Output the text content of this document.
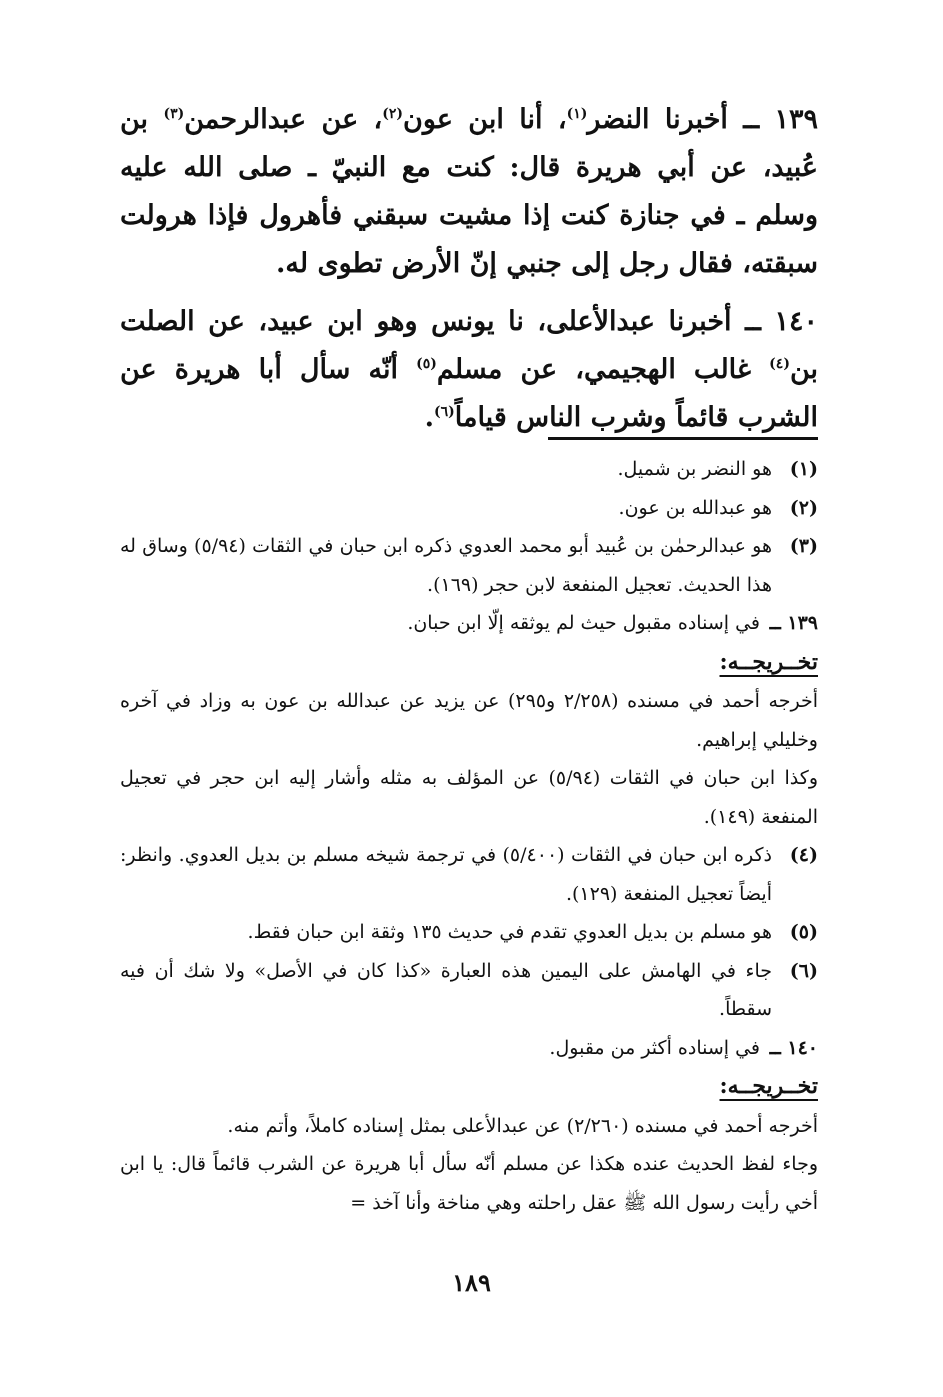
١٣٩ ــ أخبرنا النضر$^{(١)}$، أنا ابن عون$^{(٢)}$، عن عبدالرحمن$^{(٣)}$ بن عُبيد، عن أبي هريرة قال: كنت مع النبيّ ـ صلى الله عليه وسلم ـ في جنازة كنت إذا مشيت سبقني فأهرول فإذا هرولت سبقته، فقال رجل إلى جنبي إنّ الأرض تطوى له.

١٤٠ ــ أخبرنا عبدالأعلى، نا يونس وهو ابن عبيد، عن الصلت بن$^{(٤)}$ غالب الهجيمي، عن مسلم$^{(٥)}$ أنّه سأل أبا هريرة عن الشرب قائماً وشرب الناس قياماً$^{(٦)}$.

(١)
هو النضر بن شميل.
(٢)
هو عبدالله بن عون.
(٣)
هو عبدالرحمٰن بن عُبيد أبو محمد العدوي ذكره ابن حبان في الثقات (٥/٩٤) وساق له هذا الحديث. تعجيل المنفعة لابن حجر (١٦٩).
١٣٩ ــ
في إسناده مقبول حيث لم يوثقه إلّا ابن حبان.
تخــريجــه:
أخرجه أحمد في مسنده (٢/٢٥٨ و٢٩٥) عن يزيد عن عبدالله بن عون به وزاد في آخره وخليلي إبراهيم.
وكذا ابن حبان في الثقات (٥/٩٤) عن المؤلف به مثله وأشار إليه ابن حجر في تعجيل المنفعة (١٤٩).
(٤)
ذكره ابن حبان في الثقات (٥/٤٠٠) في ترجمة شيخه مسلم بن بديل العدوي. وانظر: أيضاً تعجيل المنفعة (١٢٩).
(٥)
هو مسلم بن بديل العدوي تقدم في حديث ١٣٥ وثقة ابن حبان فقط.
(٦)
جاء في الهامش على اليمين هذه العبارة «كذا كان في الأصل» ولا شك أن فيه سقطاً.
١٤٠ ــ
في إسناده أكثر من مقبول.
تخــريجــه:
أخرجه أحمد في مسنده (٢/٢٦٠) عن عبدالأعلى بمثل إسناده كاملاً، وأتم منه.
وجاء لفظ الحديث عنده هكذا عن مسلم أنّه سأل أبا هريرة عن الشرب قائماً قال: يا ابن أخي رأيت رسول الله ﷺ عقل راحلته وهي مناخة وأنا آخذ =
١٨٩
